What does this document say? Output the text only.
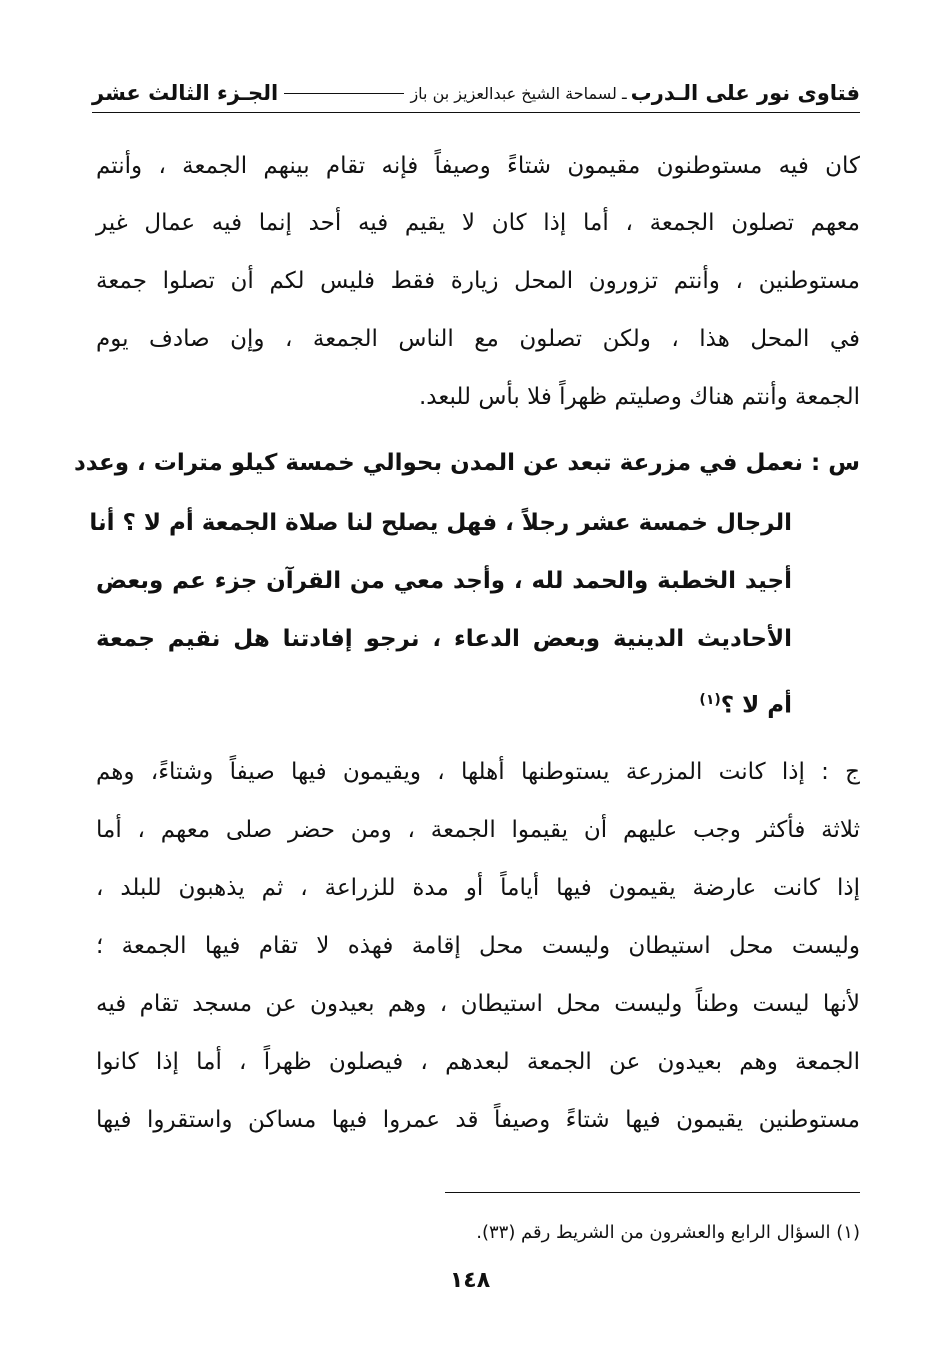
فتاوى نور على الـدرب
ـ لسماحة الشيخ عبدالعزيز بن باز
الجـزء الثالث عشر
كان فيه مستوطنون مقيمون شتاءً وصيفاً فإنه تقام بينهم الجمعة ، وأنتم
معهم تصلون الجمعة ، أما إذا كان لا يقيم فيه أحد إنما فيه عمال غير
مستوطنين ، وأنتم تزورون المحل زيارة فقط فليس لكم أن تصلوا جمعة
في المحل هذا ، ولكن تصلون مع الناس الجمعة ، وإن صادف يوم
الجمعة وأنتم هناك وصليتم ظهراً فلا بأس للبعد.
س : نعمل في مزرعة تبعد عن المدن بحوالي خمسة كيلو مترات ، وعدد
الرجال خمسة عشر رجلاً ، فهل يصلح لنا صلاة الجمعة أم لا ؟ أنا
أجيد الخطبة والحمد لله ، وأجد معي من القرآن جزء عم وبعض
الأحاديث الدينية وبعض الدعاء ، نرجو إفادتنا هل نقيم جمعة
أم لا ؟$^{(١)}$
ج : إذا كانت المزرعة يستوطنها أهلها ، ويقيمون فيها صيفاً وشتاءً، وهم
ثلاثة فأكثر وجب عليهم أن يقيموا الجمعة ، ومن حضر صلى معهم ، أما
إذا كانت عارضة يقيمون فيها أياماً أو مدة للزراعة ، ثم يذهبون للبلد ،
وليست محل استيطان وليست محل إقامة فهذه لا تقام فيها الجمعة ؛
لأنها ليست وطناً وليست محل استيطان ، وهم بعيدون عن مسجد تقام فيه
الجمعة وهم بعيدون عن الجمعة لبعدهم ، فيصلون ظهراً ، أما إذا كانوا
مستوطنين يقيمون فيها شتاءً وصيفاً قد عمروا فيها مساكن واستقروا فيها
(١) السؤال الرابع والعشرون من الشريط رقم (٣٣).
١٤٨
